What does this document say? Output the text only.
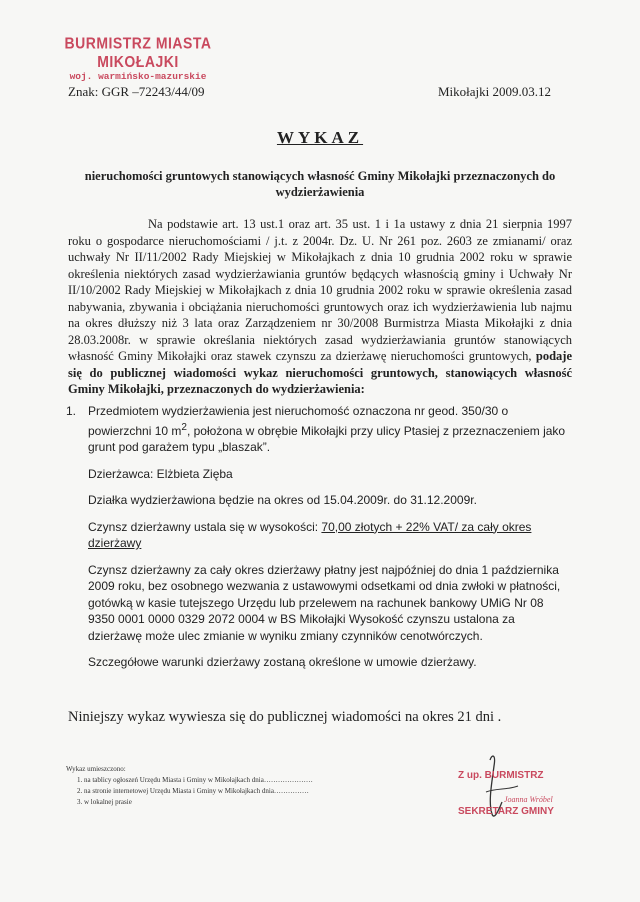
BURMISTRZ MIASTA MIKOŁAJKI
woj. warmińsko-mazurskie
Znak: GGR –72243/44/09	Mikołajki 2009.03.12
WYKAZ
nieruchomości gruntowych stanowiących własność Gminy Mikołajki przeznaczonych do wydzierżawienia
Na podstawie art. 13 ust.1 oraz art. 35 ust. 1 i 1a ustawy z dnia 21 sierpnia 1997 roku o gospodarce nieruchomościami / j.t. z 2004r. Dz. U. Nr 261 poz. 2603 ze zmianami/ oraz uchwały Nr II/11/2002 Rady Miejskiej w Mikołajkach z dnia 10 grudnia 2002 roku w sprawie określenia niektórych zasad wydzierżawiania gruntów będących własnością gminy i Uchwały Nr II/10/2002 Rady Miejskiej w Mikołajkach z dnia 10 grudnia 2002 roku w sprawie określenia zasad nabywania, zbywania i obciążania nieruchomości gruntowych oraz ich wydzierżawienia lub najmu na okres dłuższy niż 3 lata oraz Zarządzeniem nr 30/2008 Burmistrza Miasta Mikołajki z dnia 28.03.2008r. w sprawie określania niektórych zasad wydzierżawiania gruntów stanowiących własność Gminy Mikołajki oraz stawek czynszu za dzierżawę nieruchomości gruntowych, podaje się do publicznej wiadomości wykaz nieruchomości gruntowych, stanowiących własność Gminy Mikołajki, przeznaczonych do wydzierżawienia:
1. Przedmiotem wydzierżawienia jest nieruchomość oznaczona nr geod. 350/30 o powierzchni 10 $m^2$, położona w obrębie Mikołajki przy ulicy Ptasiej z przeznaczeniem jako grunt pod garażem typu „blaszak”.

Dzierżawca: Elżbieta Zięba

Działka wydzierżawiona będzie na okres od 15.04.2009r. do 31.12.2009r.

Czynsz dzierżawny ustala się w wysokości: 70,00 złotych + 22% VAT/ za cały okres dzierżawy

Czynsz dzierżawny za cały okres dzierżawy płatny jest najpóźniej do dnia 1 października 2009 roku, bez osobnego wezwania z ustawowymi odsetkami od dnia zwłoki w płatności, gotówką w kasie tutejszego Urzędu lub przelewem na rachunek bankowy UMiG Nr 08 9350 0001 0000 0329 2072 0004 w BS Mikołajki Wysokość czynszu ustalona za dzierżawę może ulec zmianie w wyniku zmiany czynników cenotwórczych.

Szczegółowe warunki dzierżawy zostaną określone w umowie dzierżawy.

Niniejszy wykaz wywiesza się do publicznej wiadomości na okres 21 dni .
Wykaz umieszczono:
1. na tablicy ogłoszeń Urzędu Miasta i Gminy w Mikołajkach dnia…………………
2. na stronie internetowej Urzędu Miasta i Gminy w Mikołajkach dnia……………
3. w lokalnej prasie
Z up. BURMISTRZ
Joanna Wróbel
SEKRETARZ GMINY
